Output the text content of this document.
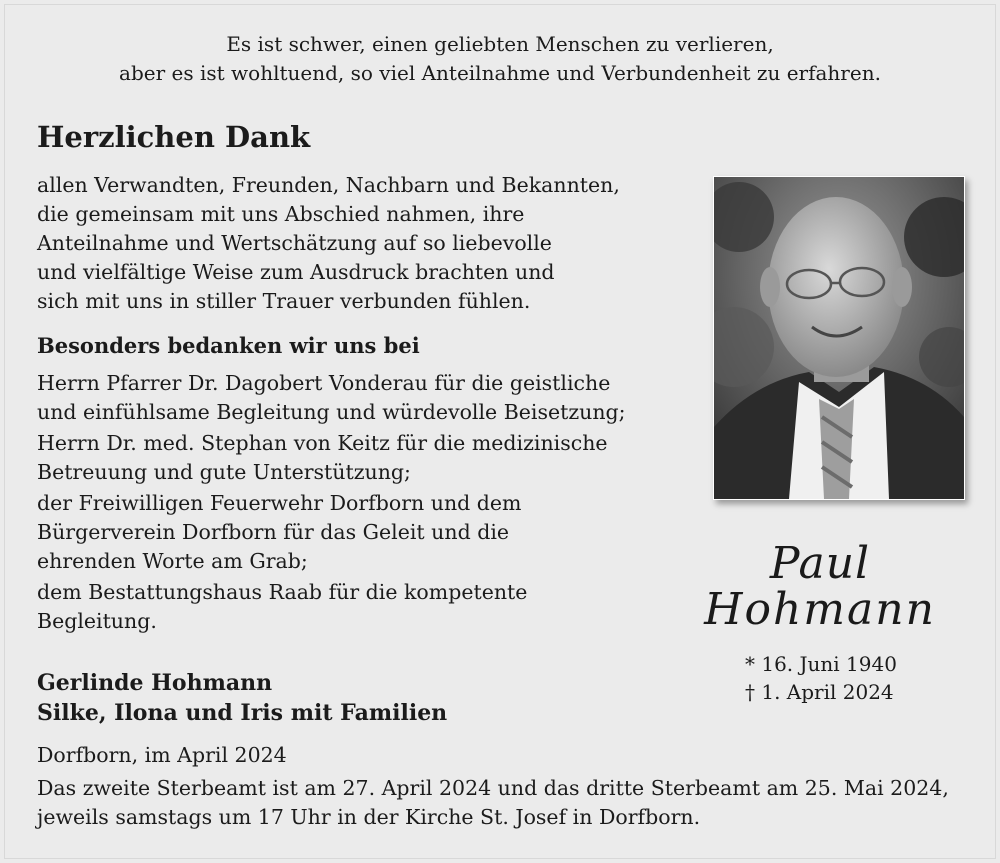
Es ist schwer, einen geliebten Menschen zu verlieren,
aber es ist wohltuend, so viel Anteilnahme und Verbundenheit zu erfahren.
Herzlichen Dank
allen Verwandten, Freunden, Nachbarn und Bekannten,
die gemeinsam mit uns Abschied nahmen, ihre
Anteilnahme und Wertschätzung auf so liebevolle
und vielfältige Weise zum Ausdruck brachten und
sich mit uns in stiller Trauer verbunden fühlen.
Besonders bedanken wir uns bei
Herrn Pfarrer Dr. Dagobert Vonderau für die geistliche
und einfühlsame Begleitung und würdevolle Beisetzung;
Herrn Dr. med. Stephan von Keitz für die medizinische
Betreuung und gute Unterstützung;
der Freiwilligen Feuerwehr Dorfborn und dem
Bürgerverein Dorfborn für das Geleit und die
ehrenden Worte am Grab;
dem Bestattungshaus Raab für die kompetente
Begleitung.
Gerlinde Hohmann
Silke, Ilona und Iris mit Familien
Dorfborn, im April 2024
Das zweite Sterbeamt ist am 27. April 2024 und das dritte Sterbeamt am 25. Mai 2024,
jeweils samstags um 17 Uhr in der Kirche St. Josef in Dorfborn.
Paul
Hohmann
* 16. Juni 1940
† 1. April 2024
